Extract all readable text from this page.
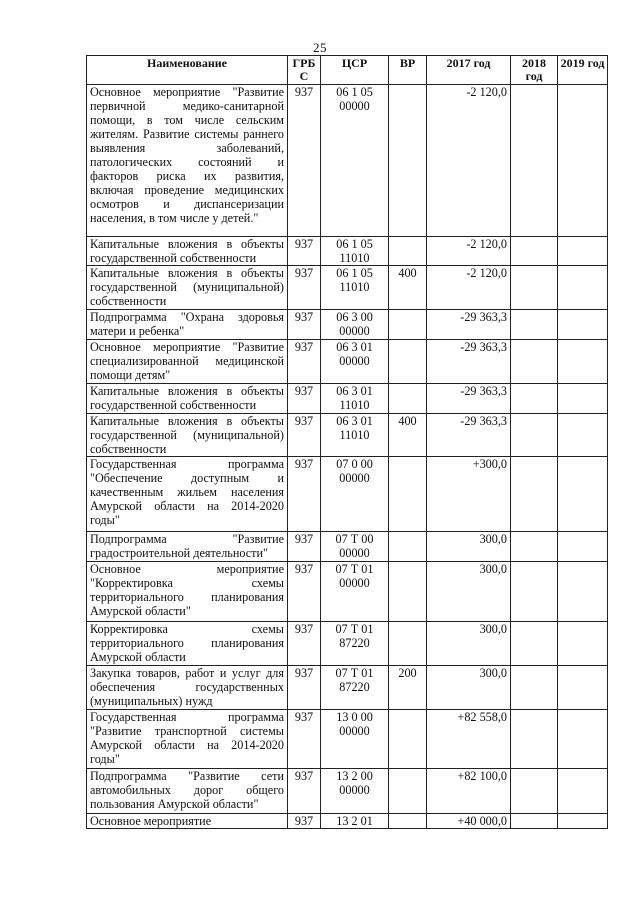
25
Наименование	ГРБ С	ЦСР	ВР	2017 год	2018 год	2019 год
Основное мероприятие "Развитие первичной медико-санитарной помощи, в том числе сельским жителям. Развитие системы раннего выявления заболеваний, патологических состояний и факторов риска их развития, включая проведение медицинских осмотров и диспансеризации населения, в том числе у детей."	937	06 1 05
00000		-2 120,0		
Капитальные вложения в объекты государственной собственности	937	06 1 05
11010		-2 120,0		
Капитальные вложения в объекты государственной (муниципальной) собственности	937	06 1 05
11010	400	-2 120,0		
Подпрограмма "Охрана здоровья матери и ребенка"	937	06 3 00
00000		-29 363,3		
Основное мероприятие "Развитие специализированной медицинской помощи детям"	937	06 3 01
00000		-29 363,3		
Капитальные вложения в объекты государственной собственности	937	06 3 01
11010		-29 363,3		
Капитальные вложения в объекты государственной (муниципальной) собственности	937	06 3 01
11010	400	-29 363,3		
Государственная программа "Обеспечение доступным и качественным жильем населения Амурской области на 2014-2020 годы"	937	07 0 00
00000		+300,0		
Подпрограмма "Развитие градостроительной деятельности"	937	07 Т 00
00000		300,0		
Основное мероприятие "Корректировка схемы территориального планирования Амурской области"	937	07 Т 01
00000		300,0		
Корректировка схемы территориального планирования Амурской области	937	07 Т 01
87220		300,0		
Закупка товаров, работ и услуг для обеспечения государственных (муниципальных) нужд	937	07 Т 01
87220	200	300,0		
Государственная программа "Развитие транспортной системы Амурской области на 2014-2020 годы"	937	13 0 00
00000		+82 558,0		
Подпрограмма "Развитие сети автомобильных дорог общего пользования Амурской области"	937	13 2 00
00000		+82 100,0		
Основное мероприятие	937	13 2 01		+40 000,0		
